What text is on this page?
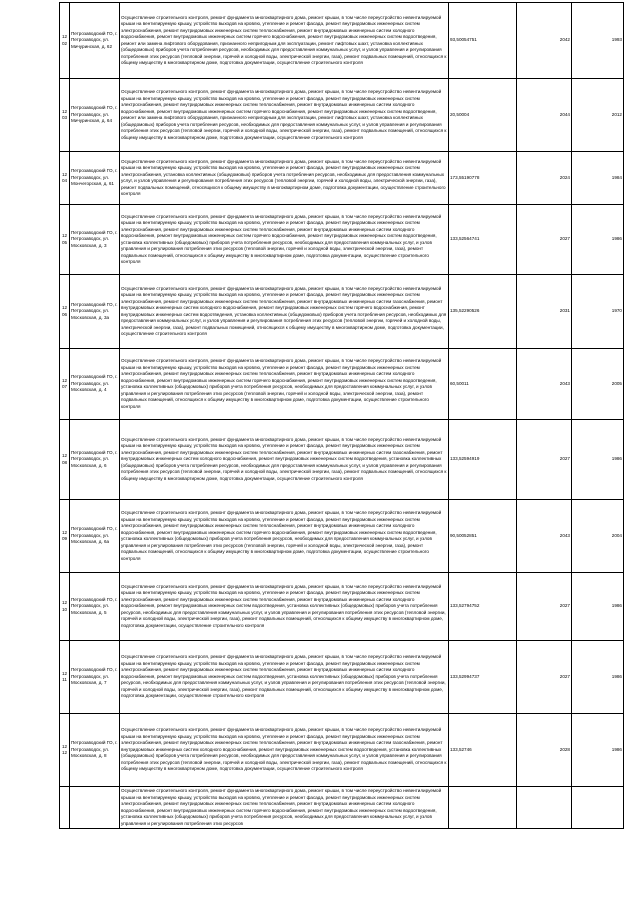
1202	Петрозаводский ГО, г. Петрозаводск, ул. Мичуринская, д. 62	Осуществление строительного контроля, ремонт фундамента многоквартирного дома, ремонт крыши, в том числе переустройство невентилируемой крыши на вентилируемую крышу, устройство выходов на кровлю, утепление и ремонт фасада, ремонт внутридомовых инженерных систем электроснабжения, ремонт внутридомовых инженерных систем теплоснабжения, ремонт внутридомовых инженерных систем холодного водоснабжения, ремонт внутридомовых инженерных систем горячего водоснабжения, ремонт внутридомовых инженерных систем водоотведения, ремонт или замена лифтового оборудования, признанного непригодным для эксплуатации, ремонт лифтовых шахт, установка коллективных (общедомовых) приборов учета потребления ресурсов, необходимых для предоставления коммунальных услуг, и узлов управления и регулирования потребления этих ресурсов (тепловой энергии, горячей и холодной воды, электрической энергии, газа), ремонт подвальных помещений, относящихся к общему имуществу в многоквартирном доме, подготовка документации, осуществление строительного контроля	93,50054751	2042	1993
1203	Петрозаводский ГО, г. Петрозаводск, ул. Мичуринская, д. 64	Осуществление строительного контроля, ремонт фундамента многоквартирного дома, ремонт крыши, в том числе переустройство невентилируемой крыши на вентилируемую крышу, устройство выходов на кровлю, утепление и ремонт фасада, ремонт внутридомовых инженерных систем электроснабжения, ремонт внутридомовых инженерных систем теплоснабжения, ремонт внутридомовых инженерных систем холодного водоснабжения, ремонт внутридомовых инженерных систем горячего водоснабжения, ремонт внутридомовых инженерных систем водоотведения, ремонт или замена лифтового оборудования, признанного непригодным для эксплуатации, ремонт лифтовых шахт, установка коллективных (общедомовых) приборов учета потребления ресурсов, необходимых для предоставления коммунальных услуг, и узлов управления и регулирования потребления этих ресурсов (тепловой энергии, горячей и холодной воды, электрической энергии, газа), ремонт подвальных помещений, относящихся к общему имуществу в многоквартирном доме, подготовка документации, осуществление строительного контроля	20,50004	2044	2012
1204	Петрозаводский ГО, г. Петрозаводск, ул. Мончегорская, д. 61	Осуществление строительного контроля, ремонт фундамента многоквартирного дома, ремонт крыши, в том числе переустройство невентилируемой крыши на вентилируемую крышу, устройство выходов на кровлю, утепление и ремонт фасада, ремонт внутридомовых инженерных систем электроснабжения, установка коллективных (общедомовых) приборов учета потребления ресурсов, необходимых для предоставления коммунальных услуг, и узлов управления и регулирования потребления этих ресурсов (тепловой энергии, горячей и холодной воды, электрической энергии, газа), ремонт подвальных помещений, относящихся к общему имуществу в многоквартирном доме, подготовка документации, осуществление строительного контроля	173,55190778	2024	1984
1205	Петрозаводский ГО, г. Петрозаводск, ул. Московская, д. 3	Осуществление строительного контроля, ремонт фундамента многоквартирного дома, ремонт крыши, в том числе переустройство невентилируемой крыши на вентилируемую крышу, устройство выходов на кровлю, утепление и ремонт фасада, ремонт внутридомовых инженерных систем электроснабжения, ремонт внутридомовых инженерных систем теплоснабжения, ремонт внутридомовых инженерных систем холодного водоснабжения, ремонт внутридомовых инженерных систем горячего водоснабжения, ремонт внутридомовых инженерных систем водоотведения, установка коллективных (общедомовых) приборов учета потребления ресурсов, необходимых для предоставления коммунальных услуг, и узлов управления и регулирования потребления этих ресурсов (тепловой энергии, горячей и холодной воды, электрической энергии, газа), ремонт подвальных помещений, относящихся к общему имуществу в многоквартирном доме, подготовка документации, осуществление строительного контроля	133,52564741	2027	1986
1206	Петрозаводский ГО, г. Петрозаводск, ул. Московская, д. 3а	Осуществление строительного контроля, ремонт фундамента многоквартирного дома, ремонт крыши, в том числе переустройство невентилируемой крыши на вентилируемую крышу, устройство выходов на кровлю, утепление и ремонт фасада, ремонт внутридомовых инженерных систем электроснабжения, ремонт внутридомовых инженерных систем теплоснабжения, ремонт внутридомовых инженерных систем газоснабжения, ремонт внутридомовых инженерных систем холодного водоснабжения, ремонт внутридомовых инженерных систем горячего водоснабжения, ремонт внутридомовых инженерных систем водоотведения, установка коллективных (общедомовых) приборов учета потребления ресурсов, необходимых для предоставления коммунальных услуг, и узлов управления и регулирования потребления этих ресурсов (тепловой энергии, горячей и холодной воды, электрической энергии, газа), ремонт подвальных помещений, относящихся к общему имуществу в многоквартирном доме, подготовка документации, осуществление строительного контроля	135,52290526	2031	1970
1207	Петрозаводский ГО, г. Петрозаводск, ул. Московская, д. 4	Осуществление строительного контроля, ремонт фундамента многоквартирного дома, ремонт крыши, в том числе переустройство невентилируемой крыши на вентилируемую крышу, устройство выходов на кровлю, утепление и ремонт фасада, ремонт внутридомовых инженерных систем электроснабжения, ремонт внутридомовых инженерных систем теплоснабжения, ремонт внутридомовых инженерных систем холодного водоснабжения, ремонт внутридомовых инженерных систем горячего водоснабжения, ремонт внутридомовых инженерных систем водоотведения, установка коллективных (общедомовых) приборов учета потребления ресурсов, необходимых для предоставления коммунальных услуг, и узлов управления и регулирования потребления этих ресурсов (тепловой энергии, горячей и холодной воды, электрической энергии, газа), ремонт подвальных помещений, относящихся к общему имуществу в многоквартирном доме, подготовка документации, осуществление строительного контроля	60,50011	2043	2005
1208	Петрозаводский ГО, г. Петрозаводск, ул. Московская, д. 6	Осуществление строительного контроля, ремонт фундамента многоквартирного дома, ремонт крыши, в том числе переустройство невентилируемой крыши на вентилируемую крышу, устройство выходов на кровлю, утепление и ремонт фасада, ремонт внутридомовых инженерных систем электроснабжения, ремонт внутридомовых инженерных систем теплоснабжения, ремонт внутридомовых инженерных систем газоснабжения, ремонт внутридомовых инженерных систем холодного водоснабжения, ремонт внутридомовых инженерных систем водоотведения, установка коллективных (общедомовых) приборов учета потребления ресурсов, необходимых для предоставления коммунальных услуг, и узлов управления и регулирования потребления этих ресурсов (тепловой энергии, горячей и холодной воды, электрической энергии, газа), ремонт подвальных помещений, относящихся к общему имуществу в многоквартирном доме, подготовка документации, осуществление строительного контроля	133,52594919	2027	1986
1209	Петрозаводский ГО, г. Петрозаводск, ул. Московская, д. 6а	Осуществление строительного контроля, ремонт фундамента многоквартирного дома, ремонт крыши, в том числе переустройство невентилируемой крыши на вентилируемую крышу, устройство выходов на кровлю, утепление и ремонт фасада, ремонт внутридомовых инженерных систем электроснабжения, ремонт внутридомовых инженерных систем теплоснабжения, ремонт внутридомовых инженерных систем холодного водоснабжения, ремонт внутридомовых инженерных систем горячего водоснабжения, ремонт внутридомовых инженерных систем водоотведения, установка коллективных (общедомовых) приборов учета потребления ресурсов, необходимых для предоставления коммунальных услуг, и узлов управления и регулирования потребления этих ресурсов (тепловой энергии, горячей и холодной воды, электрической энергии, газа), ремонт подвальных помещений, относящихся к общему имуществу в многоквартирном доме, подготовка документации, осуществление строительного контроля	90,50052851	2043	2004
1210	Петрозаводский ГО, г. Петрозаводск, ул. Московская, д. 5	Осуществление строительного контроля, ремонт фундамента многоквартирного дома, ремонт крыши, в том числе переустройство невентилируемой крыши на вентилируемую крышу, устройство выходов на кровлю, утепление и ремонт фасада, ремонт внутридомовых инженерных систем электроснабжения, ремонт внутридомовых инженерных систем теплоснабжения, ремонт внутридомовых инженерных систем холодного водоснабжения, ремонт внутридомовых инженерных систем водоотведения, установка коллективных (общедомовых) приборов учета потребления ресурсов, необходимых для предоставления коммунальных услуг, и узлов управления и регулирования потребления этих ресурсов (тепловой энергии, горячей и холодной воды, электрической энергии, газа), ремонт подвальных помещений, относящихся к общему имуществу в многоквартирном доме, подготовка документации, осуществление строительного контроля	133,52794752	2027	1986
1211	Петрозаводский ГО, г. Петрозаводск, ул. Московская, д. 7	Осуществление строительного контроля, ремонт фундамента многоквартирного дома, ремонт крыши, в том числе переустройство невентилируемой крыши на вентилируемую крышу, устройство выходов на кровлю, утепление и ремонт фасада, ремонт внутридомовых инженерных систем электроснабжения, ремонт внутридомовых инженерных систем теплоснабжения, ремонт внутридомовых инженерных систем холодного водоснабжения, ремонт внутридомовых инженерных систем водоотведения, установка коллективных (общедомовых) приборов учета потребления ресурсов, необходимых для предоставления коммунальных услуг, и узлов управления и регулирования потребления этих ресурсов (тепловой энергии, горячей и холодной воды, электрической энергии, газа), ремонт подвальных помещений, относящихся к общему имуществу в многоквартирном доме, подготовка документации, осуществление строительного контроля	133,52994737	2027	1986
1212	Петрозаводский ГО, г. Петрозаводск, ул. Московская, д. 8	Осуществление строительного контроля, ремонт фундамента многоквартирного дома, ремонт крыши, в том числе переустройство невентилируемой крыши на вентилируемую крышу, устройство выходов на кровлю, утепление и ремонт фасада, ремонт внутридомовых инженерных систем электроснабжения, ремонт внутридомовых инженерных систем теплоснабжения, ремонт внутридомовых инженерных систем газоснабжения, ремонт внутридомовых инженерных систем холодного водоснабжения, ремонт внутридомовых инженерных систем водоотведения, установка коллективных (общедомовых) приборов учета потребления ресурсов, необходимых для предоставления коммунальных услуг, и узлов управления и регулирования потребления этих ресурсов (тепловой энергии, горячей и холодной воды, электрической энергии, газа), ремонт подвальных помещений, относящихся к общему имуществу в многоквартирном доме, подготовка документации, осуществление строительного контроля	133,52746	2028	1986
		Осуществление строительного контроля, ремонт фундамента многоквартирного дома, ремонт крыши, в том числе переустройство невентилируемой крыши на вентилируемую крышу, устройство выходов на кровлю, утепление и ремонт фасада, ремонт внутридомовых инженерных систем электроснабжения, ремонт внутридомовых инженерных систем теплоснабжения, ремонт внутридомовых инженерных систем холодного водоснабжения, ремонт внутридомовых инженерных систем горячего водоснабжения, ремонт внутридомовых инженерных систем водоотведения, установка коллективных (общедомовых) приборов учета потребления ресурсов, необходимых для предоставления коммунальных услуг, и узлов управления и регулирования потребления этих ресурсов			
